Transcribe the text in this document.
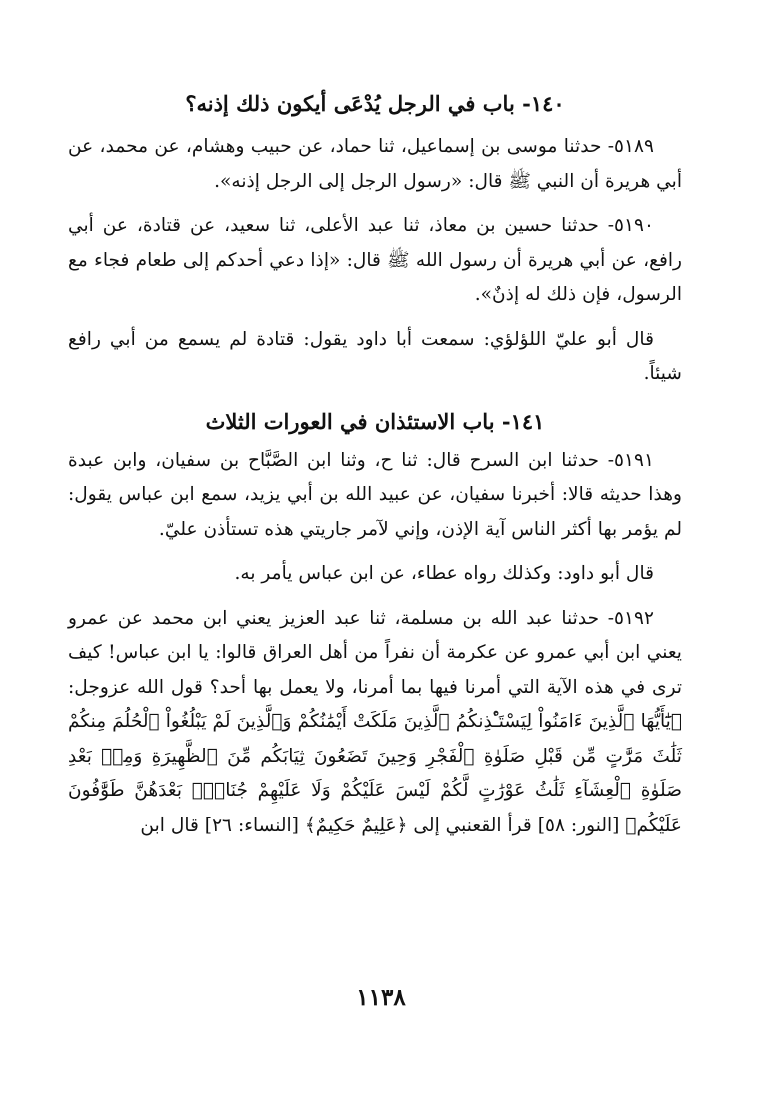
١٤٠- باب في الرجل يُدْعَى أيكون ذلك إذنه؟

٥١٨٩- حدثنا موسى بن إسماعيل، ثنا حماد، عن حبيب وهشام، عن محمد، عن أبي هريرة أن النبي ﷺ قال: «رسول الرجل إلى الرجل إذنه».

٥١٩٠- حدثنا حسين بن معاذ، ثنا عبد الأعلى، ثنا سعيد، عن قتادة، عن أبي رافع، عن أبي هريرة أن رسول الله ﷺ قال: «إذا دعي أحدكم إلى طعام فجاء مع الرسول، فإن ذلك له إذنٌ».

قال أبو عليّ اللؤلؤي: سمعت أبا داود يقول: قتادة لم يسمع من أبي رافع شيئاً.

١٤١- باب الاستئذان في العورات الثلاث

٥١٩١- حدثنا ابن السرح قال: ثنا ح، وثنا ابن الصَّبَّاح بن سفيان، وابن عبدة وهذا حديثه قالا: أخبرنا سفيان، عن عبيد الله بن أبي يزيد، سمع ابن عباس يقول: لم يؤمر بها أكثر الناس آية الإذن، وإني لآمر جاريتي هذه تستأذن عليّ.

قال أبو داود: وكذلك رواه عطاء، عن ابن عباس يأمر به.

٥١٩٢- حدثنا عبد الله بن مسلمة، ثنا عبد العزيز يعني ابن محمد عن عمرو يعني ابن أبي عمرو عن عكرمة أن نفراً من أهل العراق قالوا: يا ابن عباس! كيف ترى في هذه الآية التي أمرنا فيها بما أمرنا، ولا يعمل بها أحد؟ قول الله عزوجل: ﴿يَٰٓأَيُّهَا ٱلَّذِينَ ءَامَنُواْ لِيَسْتَـْٔذِنكُمُ ٱلَّذِينَ مَلَكَتْ أَيْمَٰنُكُمْ وَٱلَّذِينَ لَمْ يَبْلُغُواْ ٱلْحُلُمَ مِنكُمْ ثَلَٰثَ مَرَّٰتٍ مِّن قَبْلِ صَلَوٰةِ ٱلْفَجْرِ وَحِينَ تَضَعُونَ ثِيَابَكُم مِّنَ ٱلظَّهِيرَةِ وَمِنۢ بَعْدِ صَلَوٰةِ ٱلْعِشَآءِ ثَلَٰثُ عَوْرَٰتٍ لَّكُمْ لَيْسَ عَلَيْكُمْ وَلَا عَلَيْهِمْ جُنَاحٌۢ بَعْدَهُنَّ طَوَّٰفُونَ عَلَيْكُم﴾ [النور: ٥٨] قرأ القعنبي إلى ﴿عَلِيمٌ حَكِيمٌ﴾ [النساء: ٢٦] قال ابن

١١٣٨
